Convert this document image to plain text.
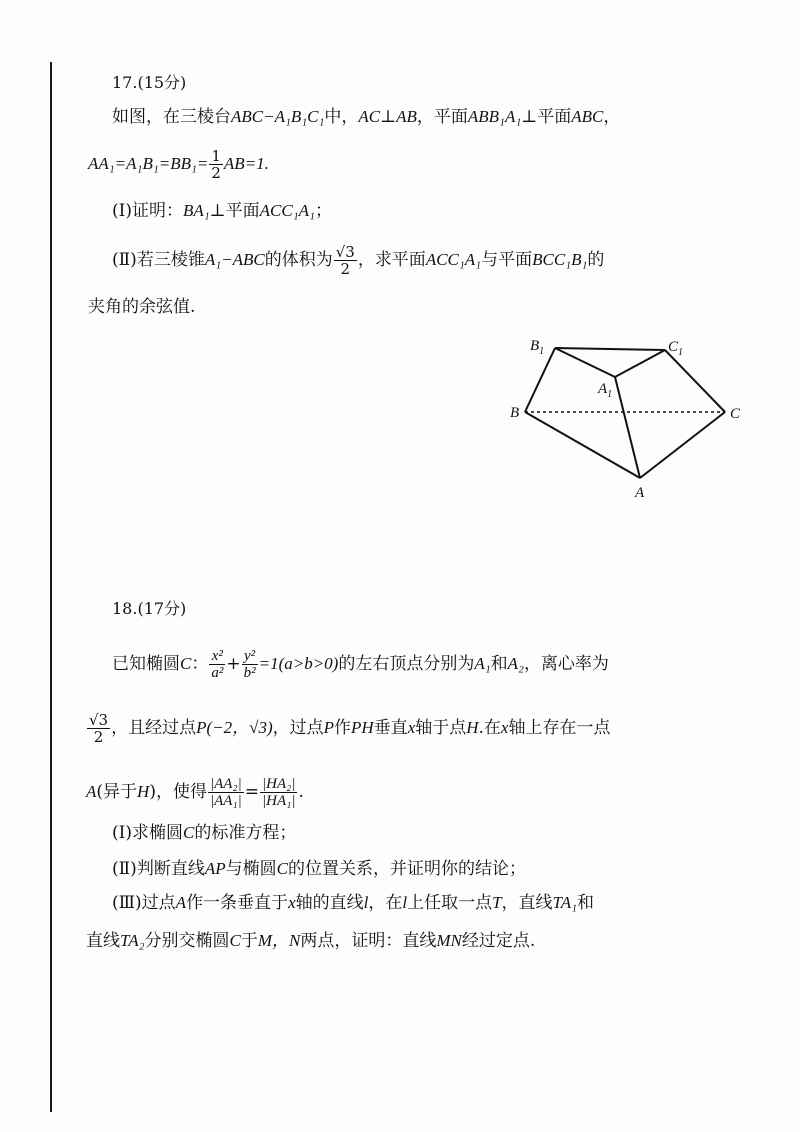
17.(15分)
如图，在三棱台ABC−A₁B₁C₁中，AC⊥AB，平面ABB₁A₁⊥平面ABC，
$AA_1=A_1B_1=BB_1= \frac{1}{2} AB=1$.
(Ⅰ)证明：BA₁⊥平面ACC₁A₁；
(Ⅱ)若三棱锥A₁−ABC的体积为 $\frac{√3}{2}$ ，求平面ACC₁A₁与平面BCC₁B₁的
夹角的余弦值.
$B_1$	$C_1$
$A_1$
B	C
A
18.(17分)
已知椭圆C： $\frac{\text{x²}}{\text{a²}} + \frac{\text{y²}}{\text{b²}} =1(a>b>0)$的左右顶点分别为A₁和A₂，离心率为
$\frac{√3}{2}$ ，且经过点P(−2，√3)，过点P作PH垂直x轴于点H.在x轴上存在一点
A(异于H)，使得 $\frac{\text{|AA₂|}}{\text{|AA₁|}} = \frac{\text{|HA₂|}}{\text{|HA₁|}}$ .
(Ⅰ)求椭圆C的标准方程；
(Ⅱ)判断直线AP与椭圆C的位置关系，并证明你的结论；
(Ⅲ)过点A作一条垂直于x轴的直线l，在l上任取一点T，直线TA₁和
直线TA₂分别交椭圆C于M，N两点，证明：直线MN经过定点.
